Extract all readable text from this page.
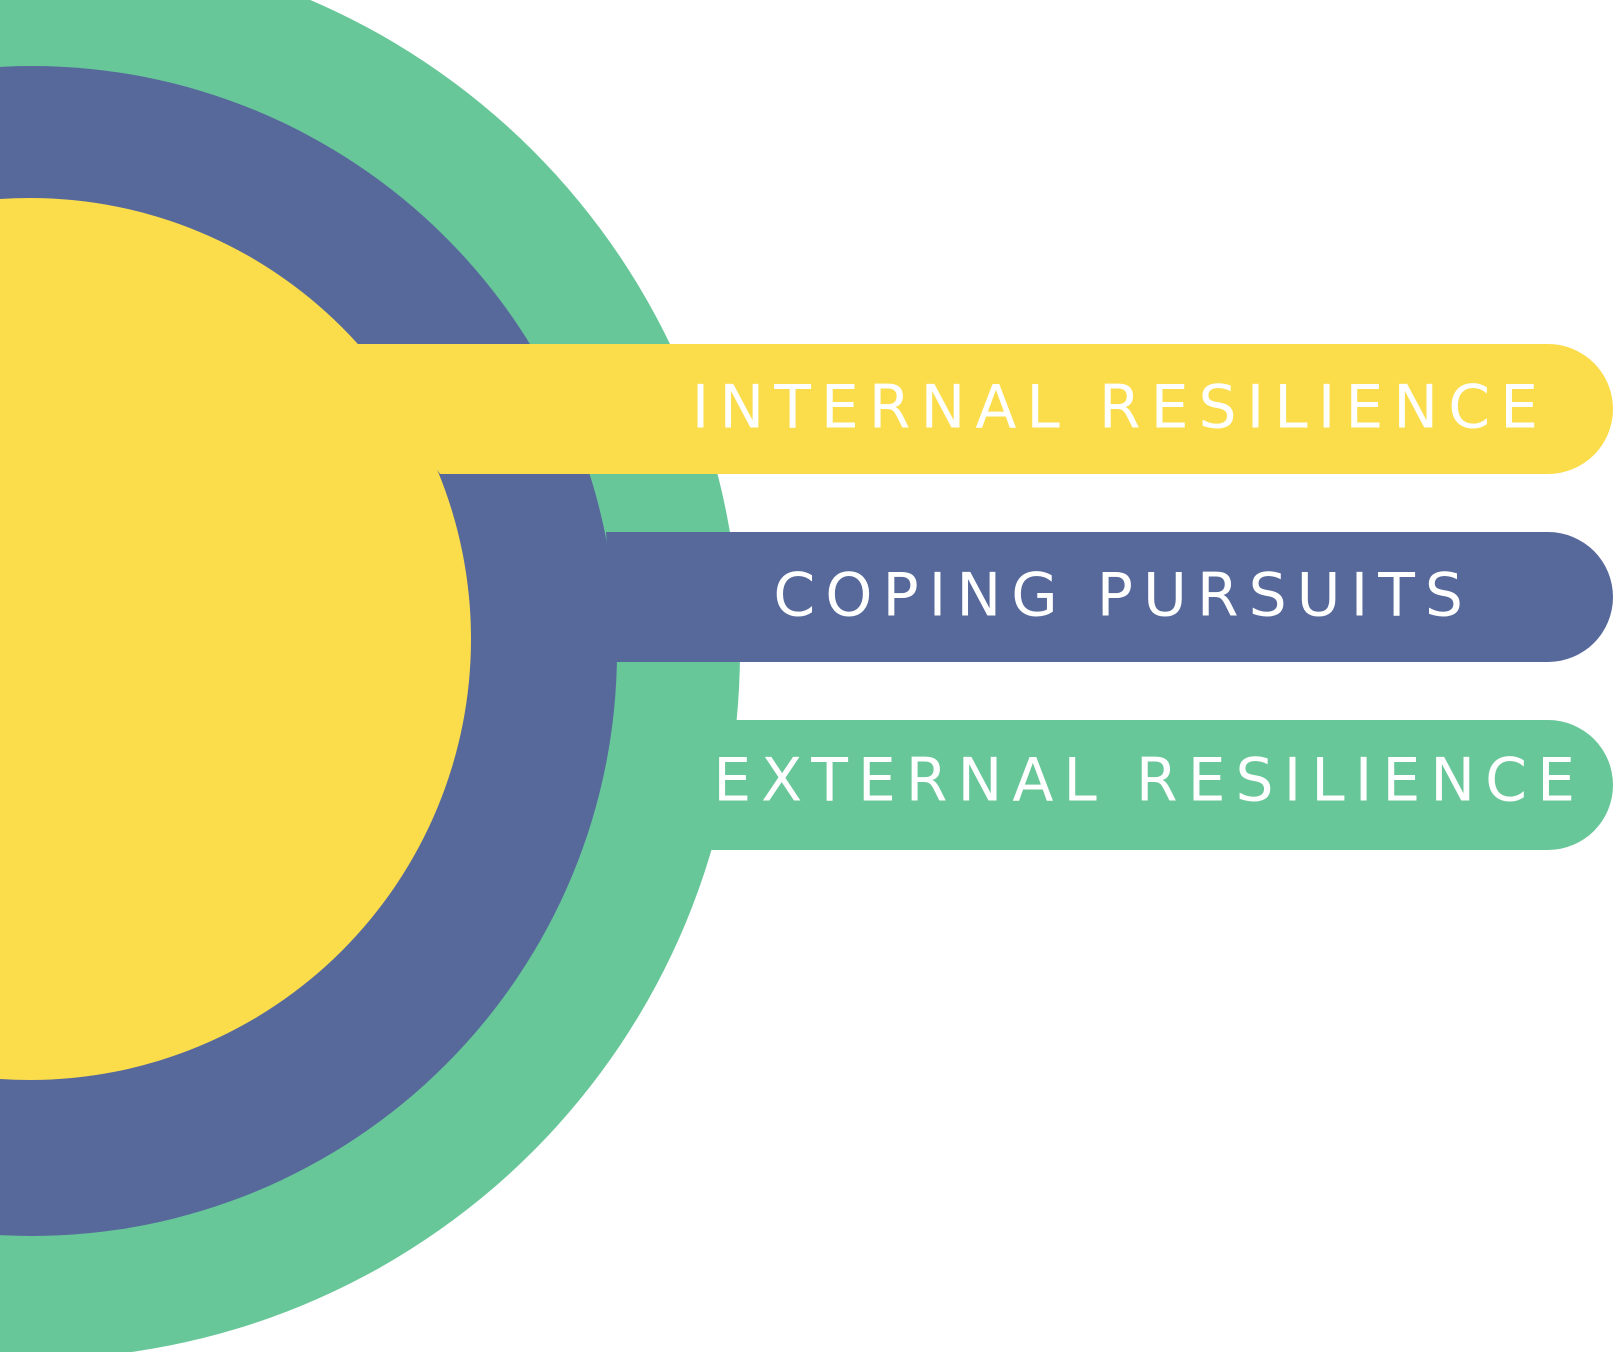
INTERNAL RESILIENCE
COPING PURSUITS
EXTERNAL RESILIENCE
